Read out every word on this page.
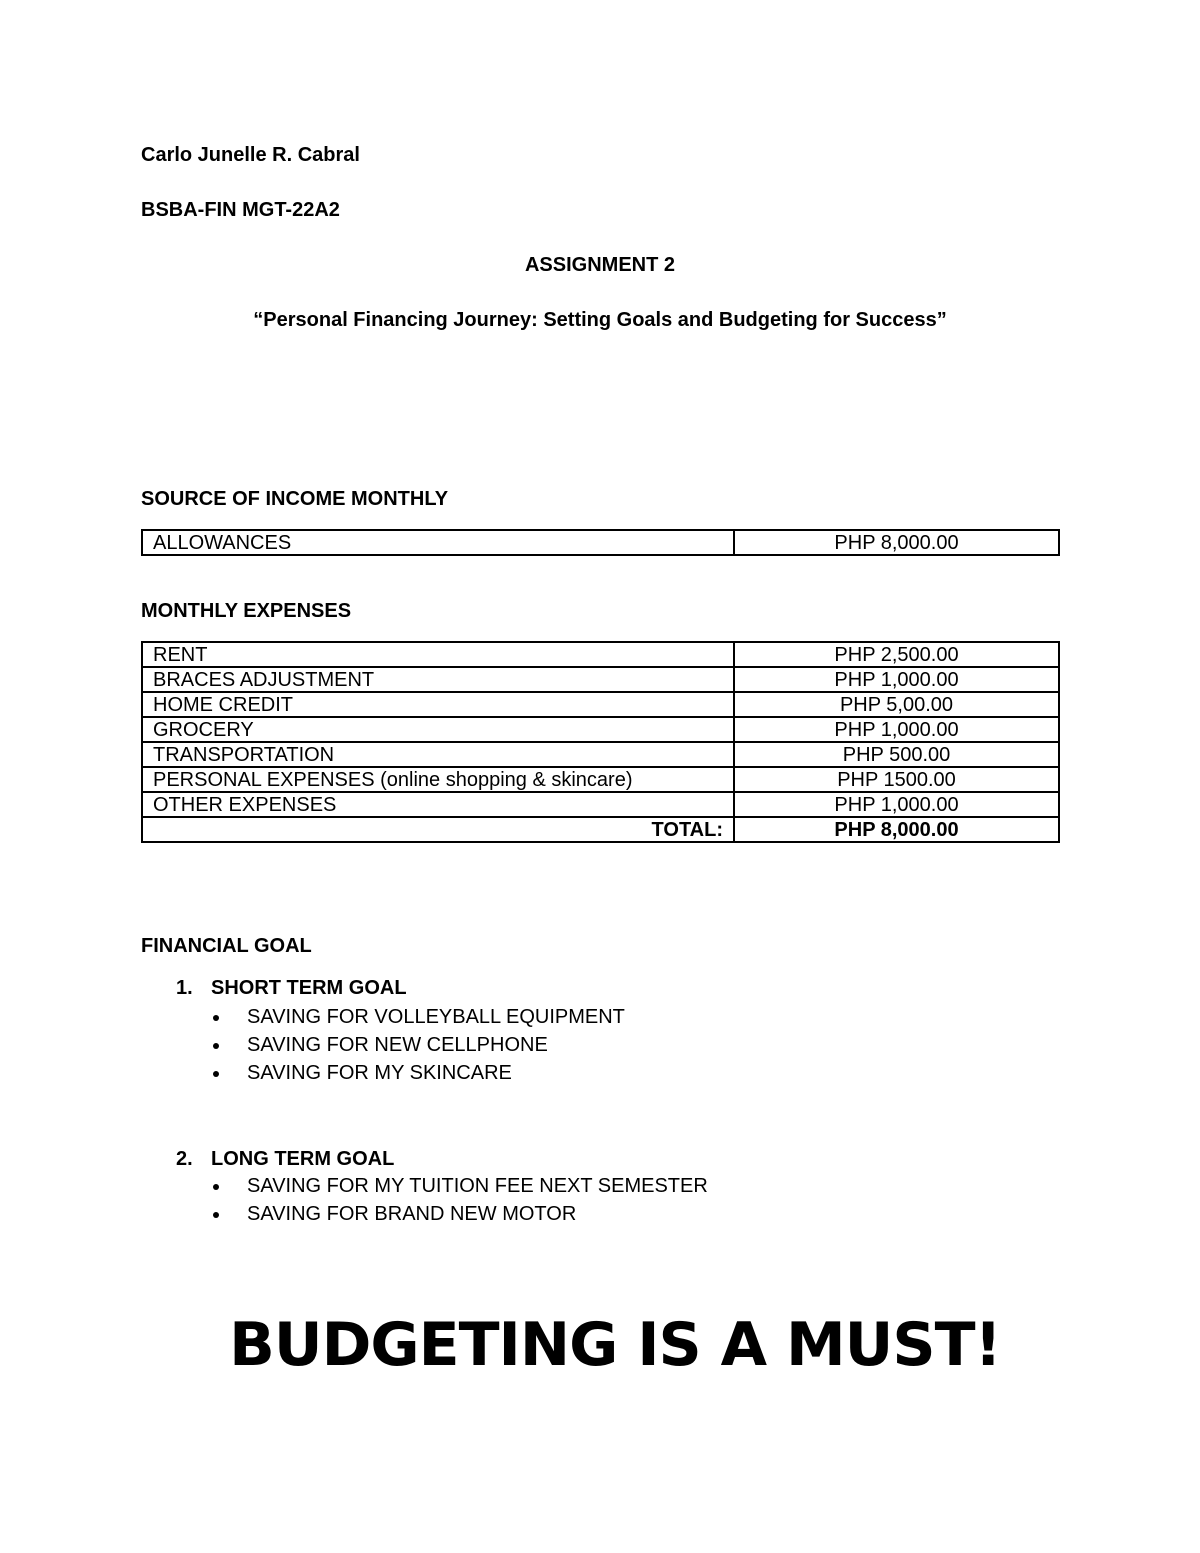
Carlo Junelle R. Cabral
BSBA-FIN MGT-22A2
ASSIGNMENT 2
“Personal Financing Journey: Setting Goals and Budgeting for Success”
SOURCE OF INCOME MONTHLY
ALLOWANCES	PHP 8,000.00
MONTHLY EXPENSES
RENT	PHP 2,500.00
BRACES ADJUSTMENT	PHP 1,000.00
HOME CREDIT	PHP 5,00.00
GROCERY	PHP 1,000.00
TRANSPORTATION	PHP 500.00
PERSONAL EXPENSES (online shopping & skincare)	PHP 1500.00
OTHER EXPENSES	PHP 1,000.00
TOTAL:	PHP 8,000.00
FINANCIAL GOAL
1. SHORT TERM GOAL
SAVING FOR VOLLEYBALL EQUIPMENT
SAVING FOR NEW CELLPHONE
SAVING FOR MY SKINCARE
2. LONG TERM GOAL
SAVING FOR MY TUITION FEE NEXT SEMESTER
SAVING FOR BRAND NEW MOTOR
BUDGETING IS A MUST!
